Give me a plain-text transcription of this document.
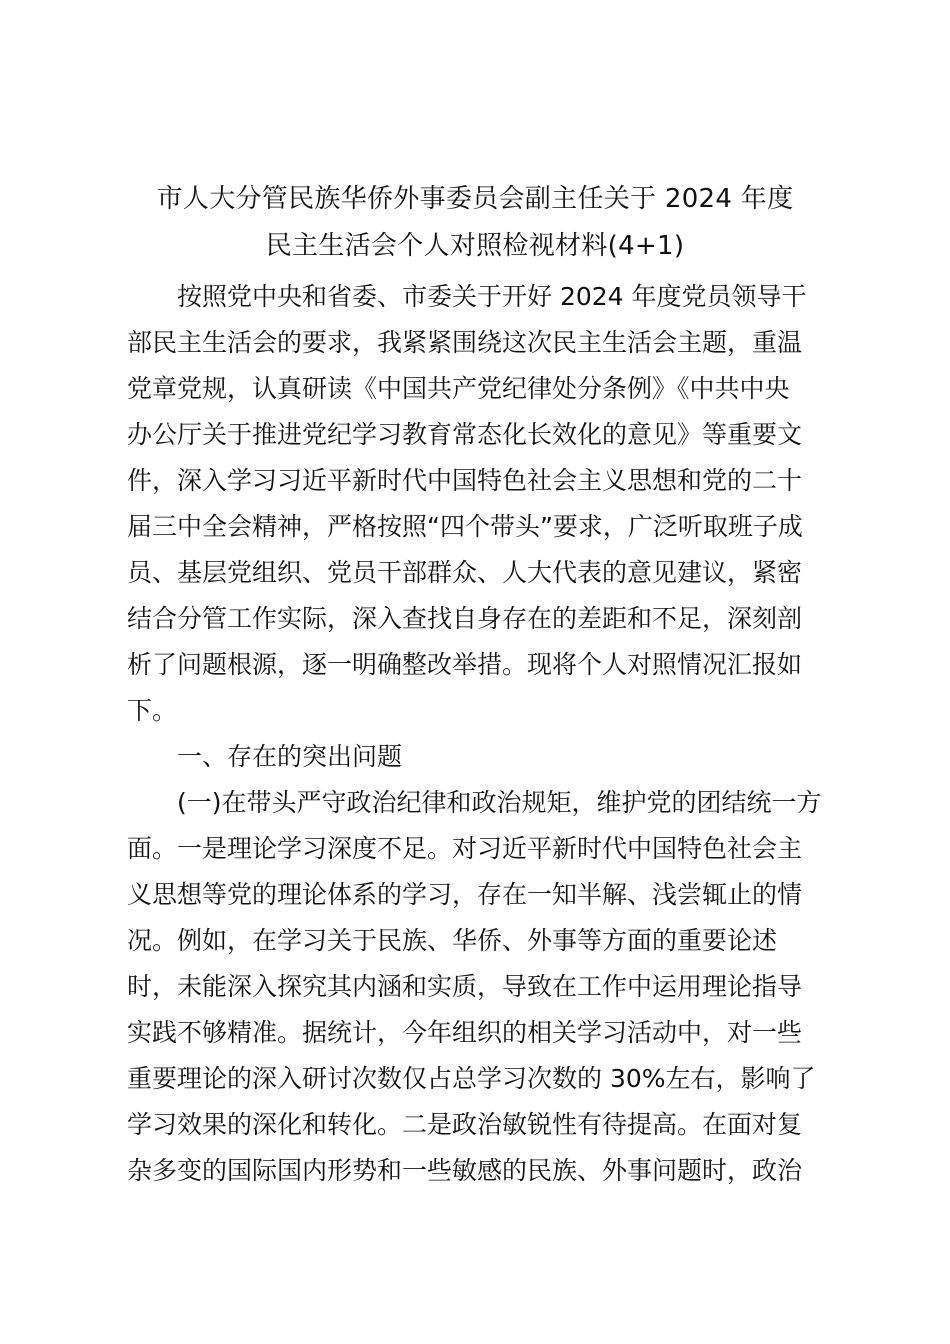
市人大分管民族华侨外事委员会副主任关于 2024 年度
民主生活会个人对照检视材料(4+1)
按照党中央和省委、市委关于开好 2024 年度党员领导干
部民主生活会的要求，我紧紧围绕这次民主生活会主题，重温
党章党规，认真研读《中国共产党纪律处分条例》《中共中央
办公厅关于推进党纪学习教育常态化长效化的意见》等重要文
件，深入学习习近平新时代中国特色社会主义思想和党的二十
届三中全会精神，严格按照“四个带头”要求，广泛听取班子成
员、基层党组织、党员干部群众、人大代表的意见建议，紧密
结合分管工作实际，深入查找自身存在的差距和不足，深刻剖
析了问题根源，逐一明确整改举措。现将个人对照情况汇报如
下。
一、存在的突出问题
(一)在带头严守政治纪律和政治规矩，维护党的团结统一方
面。一是理论学习深度不足。对习近平新时代中国特色社会主
义思想等党的理论体系的学习，存在一知半解、浅尝辄止的情
况。例如，在学习关于民族、华侨、外事等方面的重要论述
时，未能深入探究其内涵和实质，导致在工作中运用理论指导
实践不够精准。据统计，今年组织的相关学习活动中，对一些
重要理论的深入研讨次数仅占总学习次数的 30%左右，影响了
学习效果的深化和转化。二是政治敏锐性有待提高。在面对复
杂多变的国际国内形势和一些敏感的民族、外事问题时，政治
